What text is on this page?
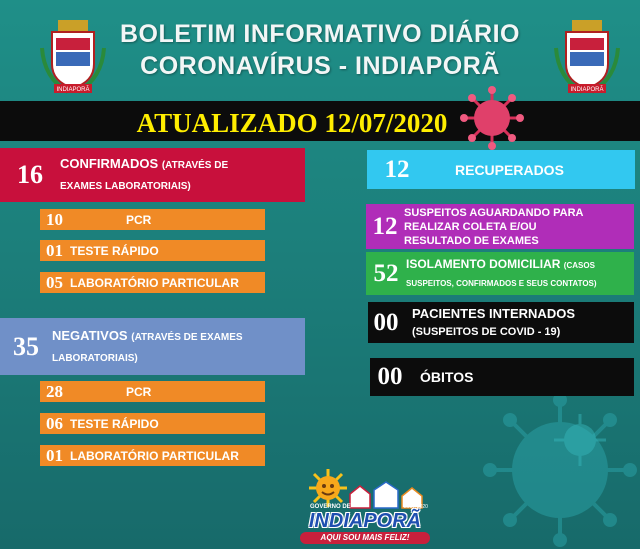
INDIAPORÃ	INDIAPORÃ
BOLETIM INFORMATIVO DIÁRIO
CORONAVÍRUS - INDIAPORÃ
ATUALIZADO 12/07/2020
16	CONFIRMADOS (ATRAVÉS DE
EXAMES LABORATORIAIS)
10	PCR
01 TESTE RÁPIDO
05 LABORATÓRIO PARTICULAR
35	NEGATIVOS (ATRAVÉS DE EXAMES
LABORATORIAIS)
28	PCR
06 TESTE RÁPIDO
01 LABORATÓRIO PARTICULAR
12	RECUPERADOS
12 SUSPEITOS AGUARDANDO PARA
REALIZAR COLETA E/OU
RESULTADO DE EXAMES
52 ISOLAMENTO DOMICILIAR (CASOS
SUSPEITOS, CONFIRMADOS E SEUS CONTATOS)
00	PACIENTES INTERNADOS
(SUSPEITOS DE COVID - 19)
00	ÓBITOS
GOVERNO DE	2017-2020
INDIAPORÃ
AQUI SOU MAIS FELIZ!
